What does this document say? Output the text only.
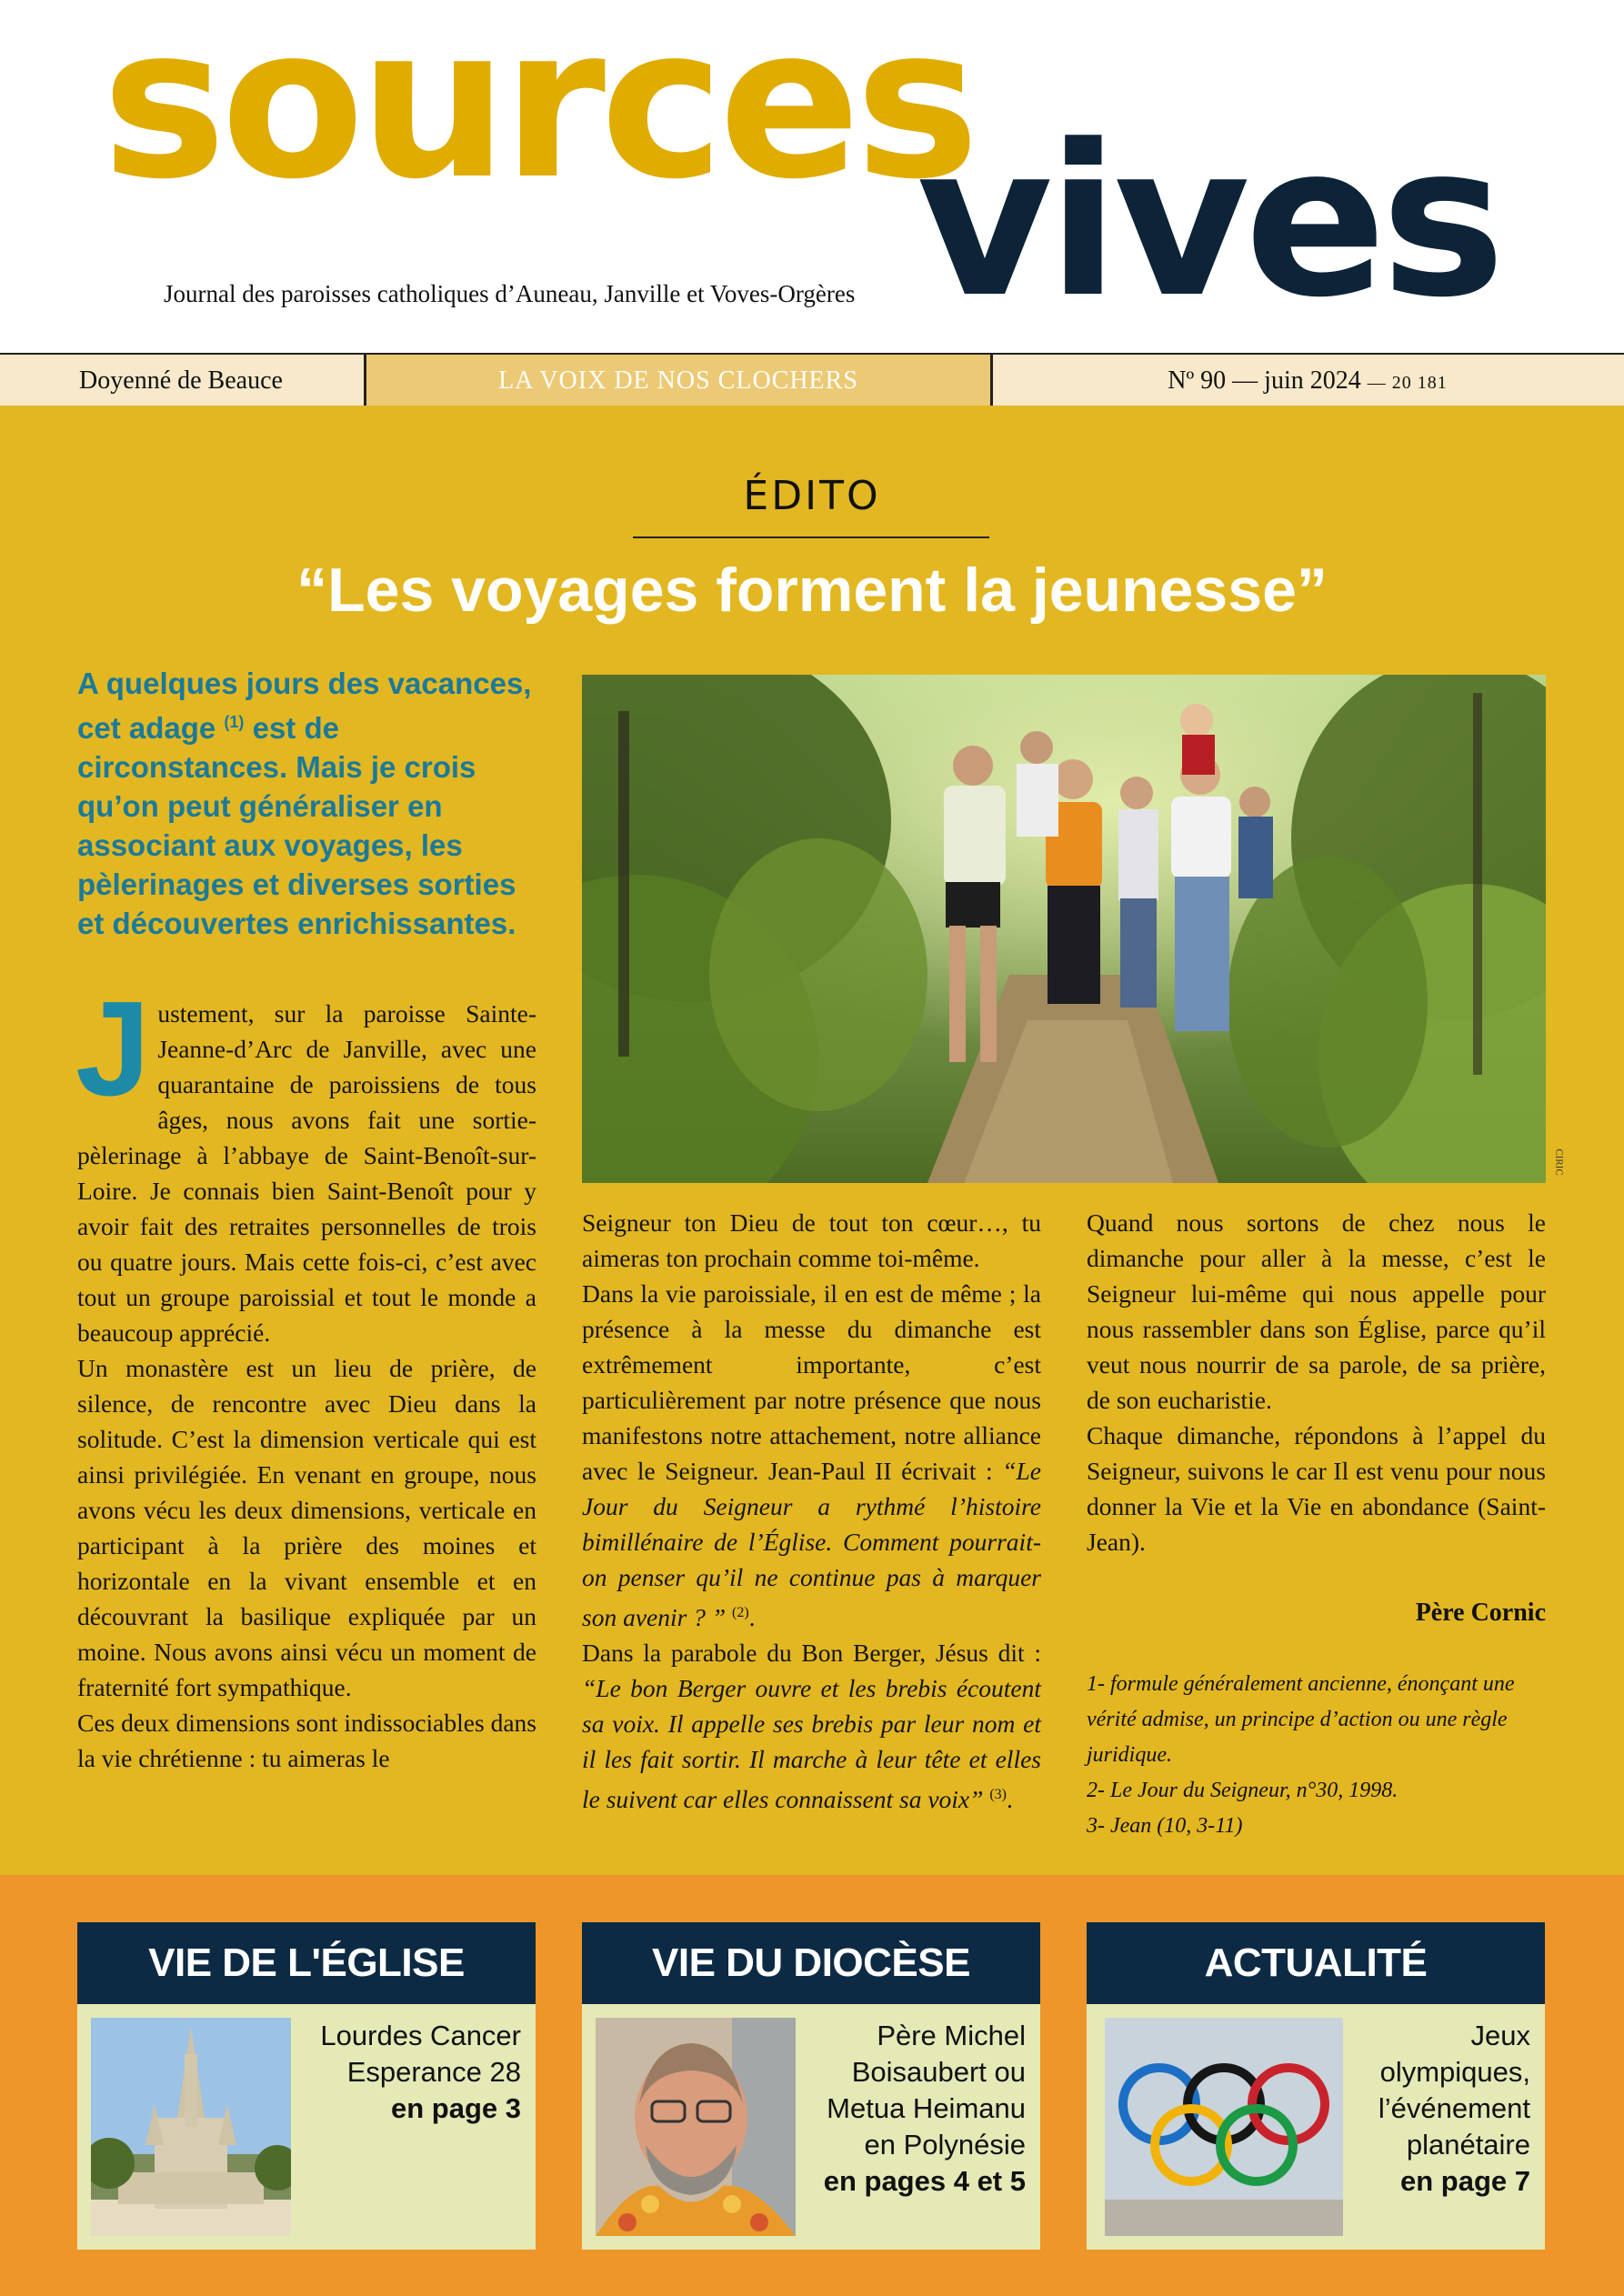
sources
vives
Journal des paroisses catholiques d’Auneau, Janville et Voves-Orgères
Doyenné de Beauce	LA VOIX DE NOS CLOCHERS	Nº 90 — juin 2024 — 20 181
ÉDITO
“Les voyages forment la jeunesse”
A quelques jours des vacances, cet adage $^{(1)}$ est de circonstances. Mais je crois qu’on peut généraliser en associant aux voyages, les pèlerinages et diverses sorties et découvertes enrichissantes.
CIRIC

Justement, sur la paroisse Sainte-Jeanne-d’Arc de Janville, avec une quarantaine de paroissiens de tous âges, nous avons fait une sortie-pèlerinage à l’abbaye de Saint-Benoît-sur-Loire. Je connais bien Saint-Benoît pour y avoir fait des retraites personnelles de trois ou quatre jours. Mais cette fois-ci, c’est avec tout un groupe paroissial et tout le monde a beaucoup apprécié.

Un monastère est un lieu de prière, de silence, de rencontre avec Dieu dans la solitude. C’est la dimension verticale qui est ainsi privilégiée. En venant en groupe, nous avons vécu les deux dimensions, verticale en participant à la prière des moines et horizontale en la vivant ensemble et en découvrant la basilique expliquée par un moine. Nous avons ainsi vécu un moment de fraternité fort sympathique.

Ces deux dimensions sont indissociables dans la vie chrétienne : tu aimeras le

Seigneur ton Dieu de tout ton cœur…, tu aimeras ton prochain comme toi-même.

Dans la vie paroissiale, il en est de même ; la présence à la messe du dimanche est extrêmement importante, c’est particulièrement par notre présence que nous manifestons notre attachement, notre alliance avec le Seigneur. Jean-Paul II écrivait : “Le Jour du Seigneur a rythmé l’histoire bimillénaire de l’Église. Comment pourrait-on penser qu’il ne continue pas à marquer son avenir ? ” $^{(2)}$.

Dans la parabole du Bon Berger, Jésus dit : “Le bon Berger ouvre et les brebis écoutent sa voix. Il appelle ses brebis par leur nom et il les fait sortir. Il marche à leur tête et elles le suivent car elles connaissent sa voix” $^{(3)}$.

Quand nous sortons de chez nous le dimanche pour aller à la messe, c’est le Seigneur lui-même qui nous appelle pour nous rassembler dans son Église, parce qu’il veut nous nourrir de sa parole, de sa prière, de son eucharistie.

Chaque dimanche, répondons à l’appel du Seigneur, suivons le car Il est venu pour nous donner la Vie et la Vie en abondance (Saint-Jean).

Père Cornic

1- formule généralement ancienne, énonçant une vérité admise, un principe d’action ou une règle juridique.

2- Le Jour du Seigneur, n°30, 1998.

3- Jean (10, 3-11)

VIE DE L'ÉGLISE
Lourdes Cancer Esperance 28
en page 3
VIE DU DIOCÈSE
Père Michel Boisaubert ou Metua Heimanu en Polynésie
en pages 4 et 5
ACTUALITÉ
Jeux olympiques, l’événement planétaire
en page 7
